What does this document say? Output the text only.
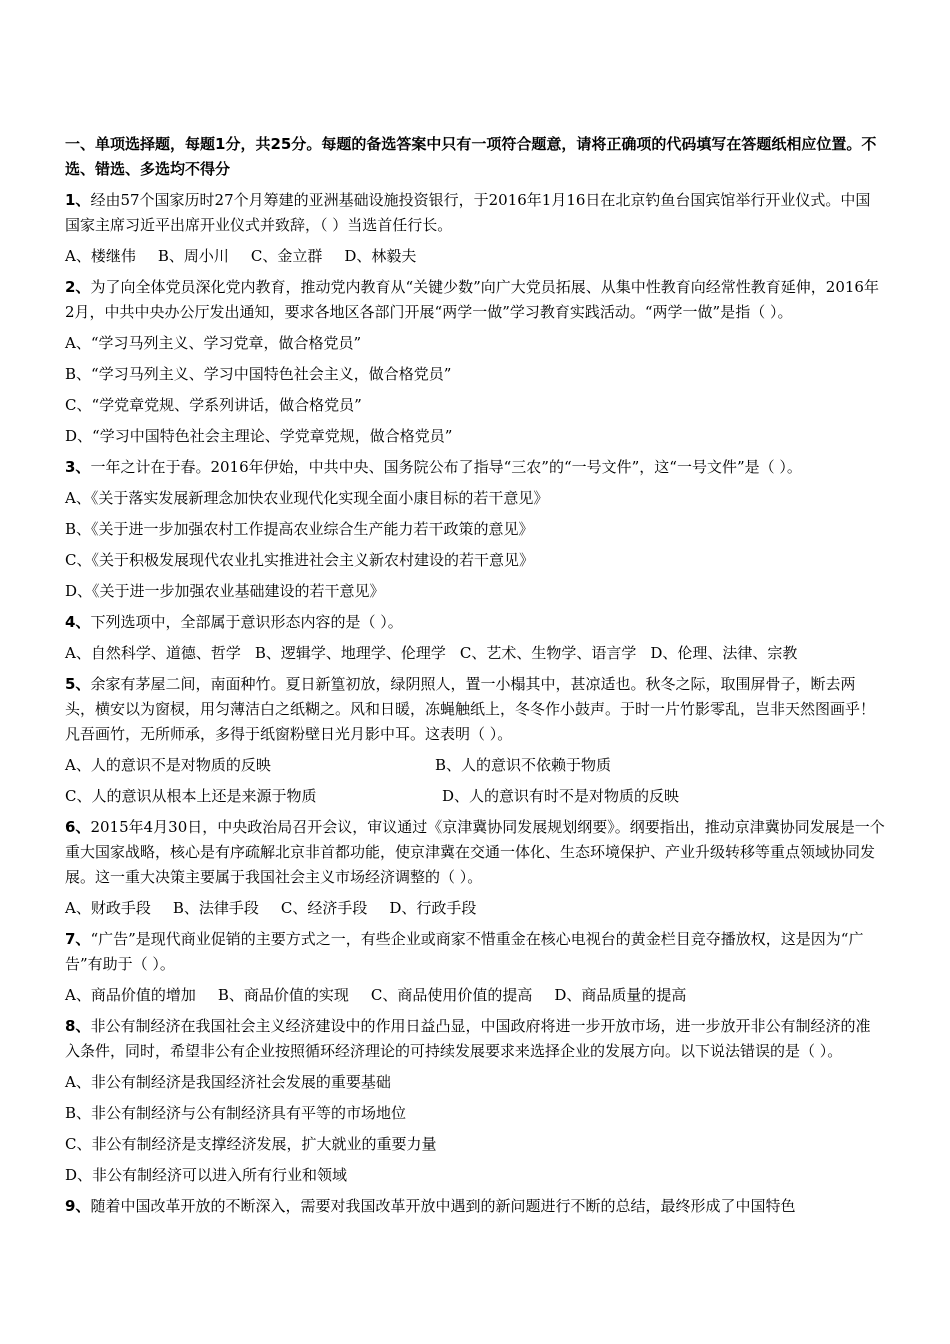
一、单项选择题，每题1分，共25分。每题的备选答案中只有一项符合题意，请将正确项的代码填写在答题纸相应位置。不选、错选、多选均不得分
1、经由57个国家历时27个月筹建的亚洲基础设施投资银行，于2016年1月16日在北京钓鱼台国宾馆举行开业仪式。中国国家主席习近平出席开业仪式并致辞，（ ）当选首任行长。
A、楼继伟 B、周小川 C、金立群 D、林毅夫
2、为了向全体党员深化党内教育，推动党内教育从“关键少数”向广大党员拓展、从集中性教育向经常性教育延伸，2016年2月，中共中央办公厅发出通知，要求各地区各部门开展“两学一做”学习教育实践活动。“两学一做”是指（ ）。
A、“学习马列主义、学习党章，做合格党员”
B、“学习马列主义、学习中国特色社会主义，做合格党员”
C、“学党章党规、学系列讲话，做合格党员”
D、“学习中国特色社会主理论、学党章党规，做合格党员”
3、一年之计在于春。2016年伊始，中共中央、国务院公布了指导“三农”的“一号文件”，这“一号文件”是（ ）。
A、《关于落实发展新理念加快农业现代化实现全面小康目标的若干意见》
B、《关于进一步加强农村工作提高农业综合生产能力若干政策的意见》
C、《关于积极发展现代农业扎实推进社会主义新农村建设的若干意见》
D、《关于进一步加强农业基础建设的若干意见》
4、下列选项中，全部属于意识形态内容的是（ ）。
A、自然科学、道德、哲学 B、逻辑学、地理学、伦理学 C、艺术、生物学、语言学 D、伦理、法律、宗教
5、余家有茅屋二间，南面种竹。夏日新篁初放，绿阴照人，置一小榻其中，甚凉适也。秋冬之际，取围屏骨子，断去两头，横安以为窗棂，用匀薄洁白之纸糊之。风和日暖，冻蝇触纸上，冬冬作小鼓声。于时一片竹影零乱，岂非天然图画乎！凡吾画竹，无所师承，多得于纸窗粉壁日光月影中耳。这表明（ ）。
A、人的意识不是对物质的反映	B、人的意识不依赖于物质
C、人的意识从根本上还是来源于物质	D、人的意识有时不是对物质的反映
6、2015年4月30日，中央政治局召开会议，审议通过《京津冀协同发展规划纲要》。纲要指出，推动京津冀协同发展是一个重大国家战略，核心是有序疏解北京非首都功能，使京津冀在交通一体化、生态环境保护、产业升级转移等重点领域协同发展。这一重大决策主要属于我国社会主义市场经济调整的（ ）。
A、财政手段 B、法律手段 C、经济手段 D、行政手段
7、“广告”是现代商业促销的主要方式之一，有些企业或商家不惜重金在核心电视台的黄金栏目竞夺播放权，这是因为“广告”有助于（ ）。
A、商品价值的增加 B、商品价值的实现 C、商品使用价值的提高 D、商品质量的提高
8、非公有制经济在我国社会主义经济建设中的作用日益凸显，中国政府将进一步开放市场，进一步放开非公有制经济的准入条件，同时，希望非公有企业按照循环经济理论的可持续发展要求来选择企业的发展方向。以下说法错误的是（ ）。
A、非公有制经济是我国经济社会发展的重要基础
B、非公有制经济与公有制经济具有平等的市场地位
C、非公有制经济是支撑经济发展，扩大就业的重要力量
D、非公有制经济可以进入所有行业和领域
9、随着中国改革开放的不断深入，需要对我国改革开放中遇到的新问题进行不断的总结，最终形成了中国特色
